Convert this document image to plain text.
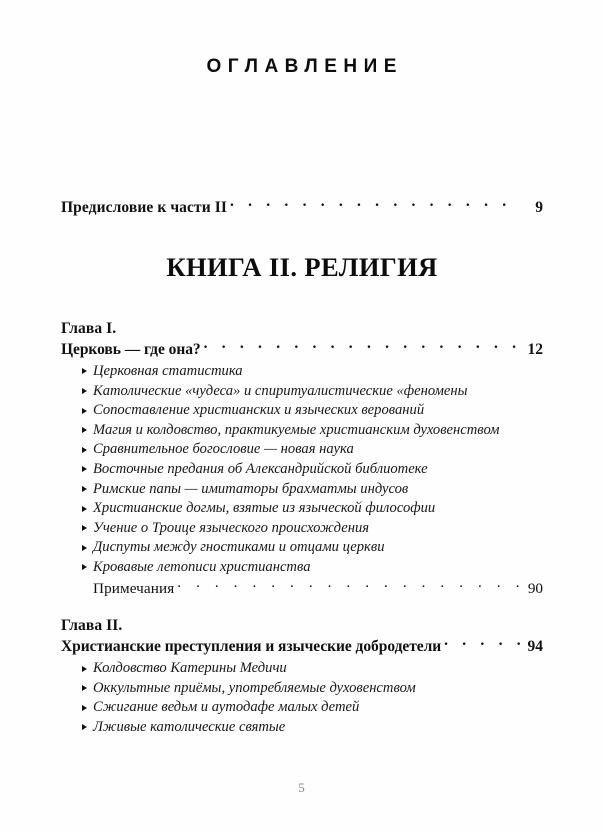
ОГЛАВЛЕНИЕ
Предисловие к части II . . .	9
КНИГА II. РЕЛИГИЯ
Глава I.
Церковь — где она? . . .	12
Церковная статистика
Католические «чудеса» и спиритуалистические «феномены
Сопоставление христианских и языческих верований
Магия и колдовство, практикуемые христианским духовенством
Сравнительное богословие — новая наука
Восточные предания об Александрийской библиотеке
Римские папы — имитаторы брахматмы индусов
Христианские догмы, взятые из языческой философии
Учение о Троице языческого происхождения
Диспуты между гностиками и отцами церкви
Кровавые летописи христианства
Примечания . . .	90
Глава II.
Христианские преступления и языческие добродетели . . .	94
Колдовство Катерины Медичи
Оккультные приёмы, употребляемые духовенством
Сжигание ведьм и аутодафе малых детей
Лживые католические святые
5
